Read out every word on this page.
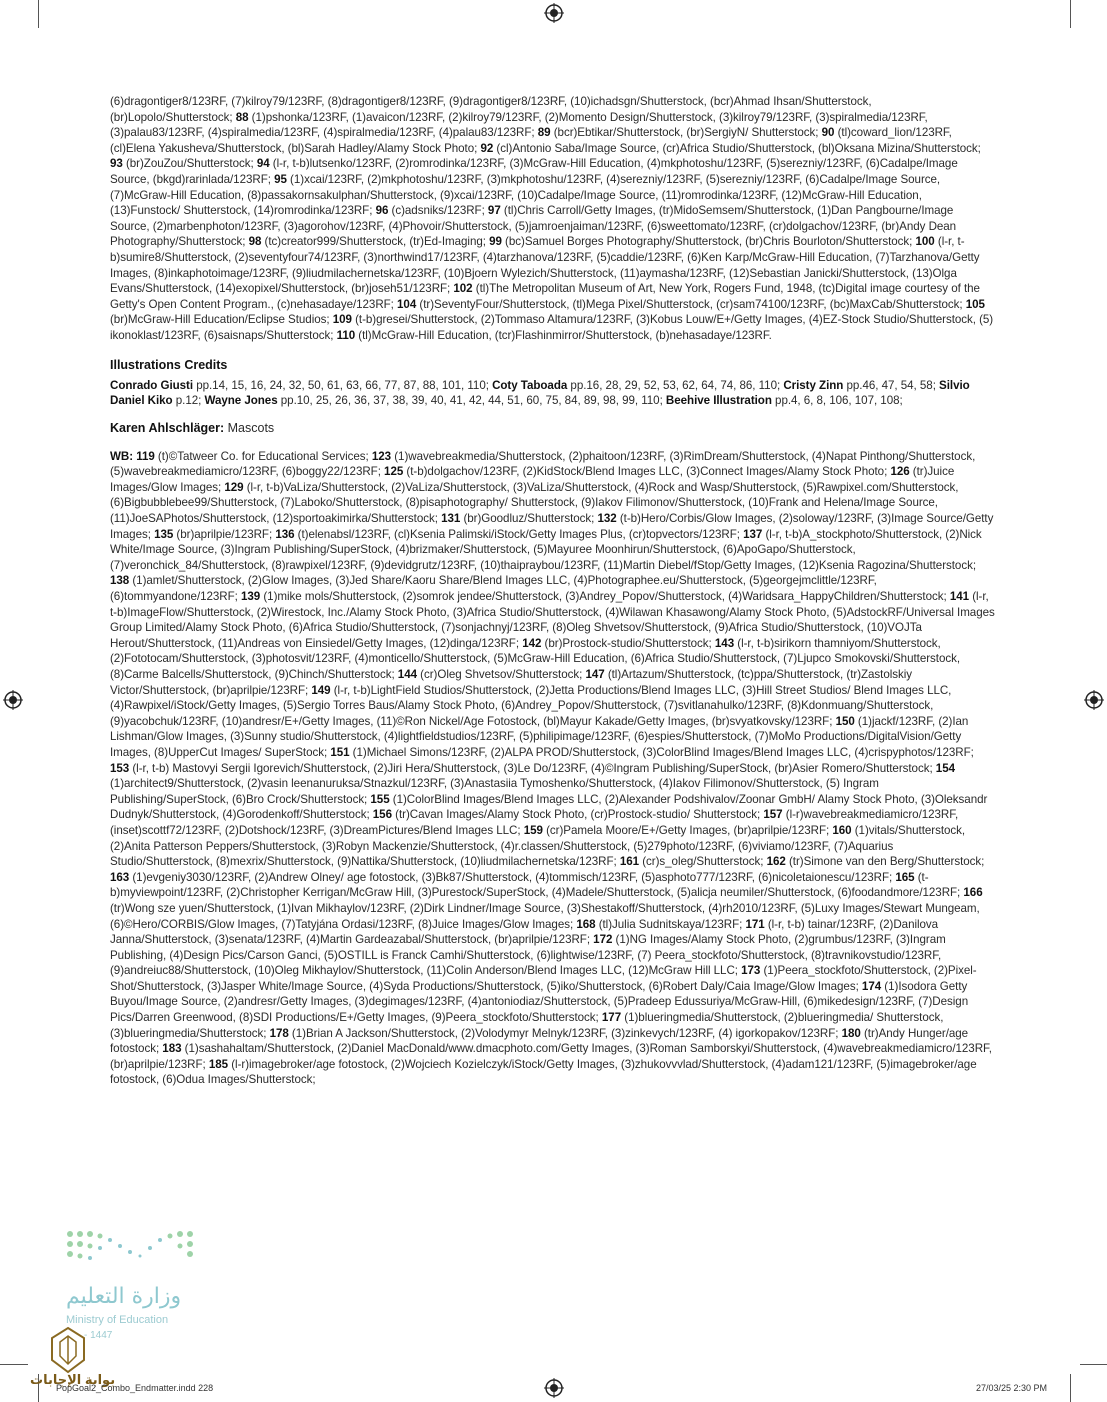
(6)dragontiger8/123RF, (7)kilroy79/123RF, (8)dragontiger8/123RF, (9)dragontiger8/123RF, (10)ichadsgn/Shutterstock, (bcr)Ahmad Ihsan/Shutterstock, (br)Lopolo/Shutterstock; 88 (1)pshonka/123RF, (1)avaicon/123RF, (2)kilroy79/123RF, (2)Momento Design/Shutterstock, (3)kilroy79/123RF, (3)spiralmedia/123RF, (3)palau83/123RF, (4)spiralmedia/123RF, (4)spiralmedia/123RF, (4)palau83/123RF; 89 (bcr)Ebtikar/Shutterstock, (br)SergiyN/ Shutterstock; 90 (tl)coward_lion/123RF, (cl)Elena Yakusheva/Shutterstock, (bl)Sarah Hadley/Alamy Stock Photo; 92 (cl)Antonio Saba/Image Source, (cr)Africa Studio/Shutterstock, (bl)Oksana Mizina/Shutterstock; 93 (br)ZouZou/Shutterstock; 94 (l-r, t-b)lutsenko/123RF, (2)romrodinka/123RF, (3)McGraw-Hill Education, (4)mkphotoshu/123RF, (5)serezniy/123RF, (6)Cadalpe/Image Source, (bkgd)rarinlada/123RF; 95 (1)xcai/123RF, (2)mkphotoshu/123RF, (3)mkphotoshu/123RF, (4)serezniy/123RF, (5)serezniy/123RF, (6)Cadalpe/Image Source, (7)McGraw-Hill Education, (8)passakornsakulphan/Shutterstock, (9)xcai/123RF, (10)Cadalpe/Image Source, (11)romrodinka/123RF, (12)McGraw-Hill Education, (13)Funstock/ Shutterstock, (14)romrodinka/123RF; 96 (c)adsniks/123RF; 97 (tl)Chris Carroll/Getty Images, (tr)MidoSemsem/Shutterstock, (1)Dan Pangbourne/Image Source, (2)marbenphoton/123RF, (3)agorohov/123RF, (4)Phovoir/Shutterstock, (5)jamroenjaiman/123RF, (6)sweettomato/123RF, (cr)dolgachov/123RF, (br)Andy Dean Photography/Shutterstock; 98 (tc)creator999/Shutterstock, (tr)Ed-Imaging; 99 (bc)Samuel Borges Photography/Shutterstock, (br)Chris Bourloton/Shutterstock; 100 (l-r, t-b)sumire8/Shutterstock, (2)seventyfour74/123RF, (3)northwind17/123RF, (4)tarzhanova/123RF, (5)caddie/123RF, (6)Ken Karp/McGraw-Hill Education, (7)Tarzhanova/Getty Images, (8)inkaphotoimage/123RF, (9)liudmilachernetska/123RF, (10)Bjoern Wylezich/Shutterstock, (11)aymasha/123RF, (12)Sebastian Janicki/Shutterstock, (13)Olga Evans/Shutterstock, (14)exopixel/Shutterstock, (br)joseh51/123RF; 102 (tl)The Metropolitan Museum of Art, New York, Rogers Fund, 1948, (tc)Digital image courtesy of the Getty's Open Content Program., (c)nehasadaye/123RF; 104 (tr)SeventyFour/Shutterstock, (tl)Mega Pixel/Shutterstock, (cr)sam74100/123RF, (bc)MaxCab/Shutterstock; 105 (br)McGraw-Hill Education/Eclipse Studios; 109 (t-b)gresei/Shutterstock, (2)Tommaso Altamura/123RF, (3)Kobus Louw/E+/Getty Images, (4)EZ-Stock Studio/Shutterstock, (5) ikonoklast/123RF, (6)saisnaps/Shutterstock; 110 (tl)McGraw-Hill Education, (tcr)Flashinmirror/Shutterstock, (b)nehasadaye/123RF.

Illustrations Credits

Conrado Giusti pp.14, 15, 16, 24, 32, 50, 61, 63, 66, 77, 87, 88, 101, 110; Coty Taboada pp.16, 28, 29, 52, 53, 62, 64, 74, 86, 110; Cristy Zinn pp.46, 47, 54, 58; Silvio Daniel Kiko p.12; Wayne Jones pp.10, 25, 26, 36, 37, 38, 39, 40, 41, 42, 44, 51, 60, 75, 84, 89, 98, 99, 110; Beehive Illustration pp.4, 6, 8, 106, 107, 108;

Karen Ahlschläger: Mascots

WB: 119 (t)©Tatweer Co. for Educational Services; 123 (1)wavebreakmedia/Shutterstock, (2)phaitoon/123RF, (3)RimDream/Shutterstock, (4)Napat Pinthong/Shutterstock, (5)wavebreakmediamicro/123RF, (6)boggy22/123RF; 125 (t-b)dolgachov/123RF, (2)KidStock/Blend Images LLC, (3)Connect Images/Alamy Stock Photo; 126 (tr)Juice Images/Glow Images; 129 (l-r, t-b)VaLiza/Shutterstock, (2)VaLiza/Shutterstock, (3)VaLiza/Shutterstock, (4)Rock and Wasp/Shutterstock, (5)Rawpixel.com/Shutterstock, (6)Bigbubblebee99/Shutterstock, (7)Laboko/Shutterstock, (8)pisaphotography/ Shutterstock, (9)Iakov Filimonov/Shutterstock, (10)Frank and Helena/Image Source, (11)JoeSAPhotos/Shutterstock, (12)sportoakimirka/Shutterstock; 131 (br)Goodluz/Shutterstock; 132 (t-b)Hero/Corbis/Glow Images, (2)soloway/123RF, (3)Image Source/Getty Images; 135 (br)aprilpie/123RF; 136 (t)elenabsl/123RF, (cl)Ksenia Palimski/iStock/Getty Images Plus, (cr)topvectors/123RF; 137 (l-r, t-b)A_stockphoto/Shutterstock, (2)Nick White/Image Source, (3)Ingram Publishing/SuperStock, (4)brizmaker/Shutterstock, (5)Mayuree Moonhirun/Shutterstock, (6)ApoGapo/Shutterstock, (7)veronchick_84/Shutterstock, (8)rawpixel/123RF, (9)devidgrutz/123RF, (10)thaipraybou/123RF, (11)Martin Diebel/fStop/Getty Images, (12)Ksenia Ragozina/Shutterstock; 138 (1)amlet/Shutterstock, (2)Glow Images, (3)Jed Share/Kaoru Share/Blend Images LLC, (4)Photographee.eu/Shutterstock, (5)georgejmclittle/123RF, (6)tommyandone/123RF; 139 (1)mike mols/Shutterstock, (2)somrok jendee/Shutterstock, (3)Andrey_Popov/Shutterstock, (4)Waridsara_HappyChildren/Shutterstock; 141 (l-r, t-b)ImageFlow/Shutterstock, (2)Wirestock, Inc./Alamy Stock Photo, (3)Africa Studio/Shutterstock, (4)Wilawan Khasawong/Alamy Stock Photo, (5)AdstockRF/Universal Images Group Limited/Alamy Stock Photo, (6)Africa Studio/Shutterstock, (7)sonjachnyj/123RF, (8)Oleg Shvetsov/Shutterstock, (9)Africa Studio/Shutterstock, (10)VOJTa Herout/Shutterstock, (11)Andreas von Einsiedel/Getty Images, (12)dinga/123RF; 142 (br)Prostock-studio/Shutterstock; 143 (l-r, t-b)sirikorn thamniyom/Shutterstock, (2)Fototocam/Shutterstock, (3)photosvit/123RF, (4)monticello/Shutterstock, (5)McGraw-Hill Education, (6)Africa Studio/Shutterstock, (7)Ljupco Smokovski/Shutterstock, (8)Carme Balcells/Shutterstock, (9)Chinch/Shutterstock; 144 (cr)Oleg Shvetsov/Shutterstock; 147 (tl)Artazum/Shutterstock, (tc)ppa/Shutterstock, (tr)Zastolskiy Victor/Shutterstock, (br)aprilpie/123RF; 149 (l-r, t-b)LightField Studios/Shutterstock, (2)Jetta Productions/Blend Images LLC, (3)Hill Street Studios/ Blend Images LLC, (4)Rawpixel/iStock/Getty Images, (5)Sergio Torres Baus/Alamy Stock Photo, (6)Andrey_Popov/Shutterstock, (7)svitlanahulko/123RF, (8)Kdonmuang/Shutterstock, (9)yacobchuk/123RF, (10)andresr/E+/Getty Images, (11)©Ron Nickel/Age Fotostock, (bl)Mayur Kakade/Getty Images, (br)svyatkovsky/123RF; 150 (1)jackf/123RF, (2)Ian Lishman/Glow Images, (3)Sunny studio/Shutterstock, (4)lightfieldstudios/123RF, (5)philipimage/123RF, (6)espies/Shutterstock, (7)MoMo Productions/DigitalVision/Getty Images, (8)UpperCut Images/ SuperStock; 151 (1)Michael Simons/123RF, (2)ALPA PROD/Shutterstock, (3)ColorBlind Images/Blend Images LLC, (4)crispyphotos/123RF; 153 (l-r, t-b) Mastovyi Sergii Igorevich/Shutterstock, (2)Jiri Hera/Shutterstock, (3)Le Do/123RF, (4)©Ingram Publishing/SuperStock, (br)Asier Romero/Shutterstock; 154 (1)architect9/Shutterstock, (2)vasin leenanuruksa/Stnazkul/123RF, (3)Anastasiia Tymoshenko/Shutterstock, (4)Iakov Filimonov/Shutterstock, (5) Ingram Publishing/SuperStock, (6)Bro Crock/Shutterstock; 155 (1)ColorBlind Images/Blend Images LLC, (2)Alexander Podshivalov/Zoonar GmbH/ Alamy Stock Photo, (3)Oleksandr Dudnyk/Shutterstock, (4)Gorodenkoff/Shutterstock; 156 (tr)Cavan Images/Alamy Stock Photo, (cr)Prostock-studio/ Shutterstock; 157 (l-r)wavebreakmediamicro/123RF, (inset)scottf72/123RF, (2)Dotshock/123RF, (3)DreamPictures/Blend Images LLC; 159 (cr)Pamela Moore/E+/Getty Images, (br)aprilpie/123RF; 160 (1)vitals/Shutterstock, (2)Anita Patterson Peppers/Shutterstock, (3)Robyn Mackenzie/Shutterstock, (4)r.classen/Shutterstock, (5)279photo/123RF, (6)viviamo/123RF, (7)Aquarius Studio/Shutterstock, (8)mexrix/Shutterstock, (9)Nattika/Shutterstock, (10)liudmilachernetska/123RF; 161 (cr)s_oleg/Shutterstock; 162 (tr)Simone van den Berg/Shutterstock; 163 (1)evgeniy3030/123RF, (2)Andrew Olney/ age fotostock, (3)Bk87/Shutterstock, (4)tommisch/123RF, (5)asphoto777/123RF, (6)nicoletaionescu/123RF; 165 (t-b)myviewpoint/123RF, (2)Christopher Kerrigan/McGraw Hill, (3)Purestock/SuperStock, (4)Madele/Shutterstock, (5)alicja neumiler/Shutterstock, (6)foodandmore/123RF; 166 (tr)Wong sze yuen/Shutterstock, (1)Ivan Mikhaylov/123RF, (2)Dirk Lindner/Image Source, (3)Shestakoff/Shutterstock, (4)rh2010/123RF, (5)Luxy Images/Stewart Mungeam, (6)©Hero/CORBIS/Glow Images, (7)Tatyjána Ordasi/123RF, (8)Juice Images/Glow Images; 168 (tl)Julia Sudnitskaya/123RF; 171 (l-r, t-b) tainar/123RF, (2)Danilova Janna/Shutterstock, (3)senata/123RF, (4)Martin Gardeazabal/Shutterstock, (br)aprilpie/123RF; 172 (1)NG Images/Alamy Stock Photo, (2)grumbus/123RF, (3)Ingram Publishing, (4)Design Pics/Carson Ganci, (5)OSTILL is Franck Camhi/Shutterstock, (6)lightwise/123RF, (7) Peera_stockfoto/Shutterstock, (8)travnikovstudio/123RF, (9)andreiuc88/Shutterstock, (10)Oleg Mikhaylov/Shutterstock, (11)Colin Anderson/Blend Images LLC, (12)McGraw Hill LLC; 173 (1)Peera_stockfoto/Shutterstock, (2)Pixel-Shot/Shutterstock, (3)Jasper White/Image Source, (4)Syda Productions/Shutterstock, (5)iko/Shutterstock, (6)Robert Daly/Caia Image/Glow Images; 174 (1)Isodora Getty Buyou/Image Source, (2)andresr/Getty Images, (3)degimages/123RF, (4)antoniodiaz/Shutterstock, (5)Pradeep Edussuriya/McGraw-Hill, (6)mikedesign/123RF, (7)Design Pics/Darren Greenwood, (8)SDI Productions/E+/Getty Images, (9)Peera_stockfoto/Shutterstock; 177 (1)blueringmedia/Shutterstock, (2)blueringmedia/ Shutterstock, (3)blueringmedia/Shutterstock; 178 (1)Brian A Jackson/Shutterstock, (2)Volodymyr Melnyk/123RF, (3)zinkevych/123RF, (4) igorkopakov/123RF; 180 (tr)Andy Hunger/age fotostock; 183 (1)sashahaltam/Shutterstock, (2)Daniel MacDonald/www.dmacphoto.com/Getty Images, (3)Roman Samborskyi/Shutterstock, (4)wavebreakmediamicro/123RF, (br)aprilpie/123RF; 185 (l-r)imagebroker/age fotostock, (2)Wojciech Kozielczyk/iStock/Getty Images, (3)zhukovvvlad/Shutterstock, (4)adam121/123RF, (5)imagebroker/age fotostock, (6)Odua Images/Shutterstock;

وزارة التعليم
Ministry of Education
- 1447
بوابة الإجابات
PopGoal2_Combo_Endmatter.indd 228	27/03/25 2:30 PM
